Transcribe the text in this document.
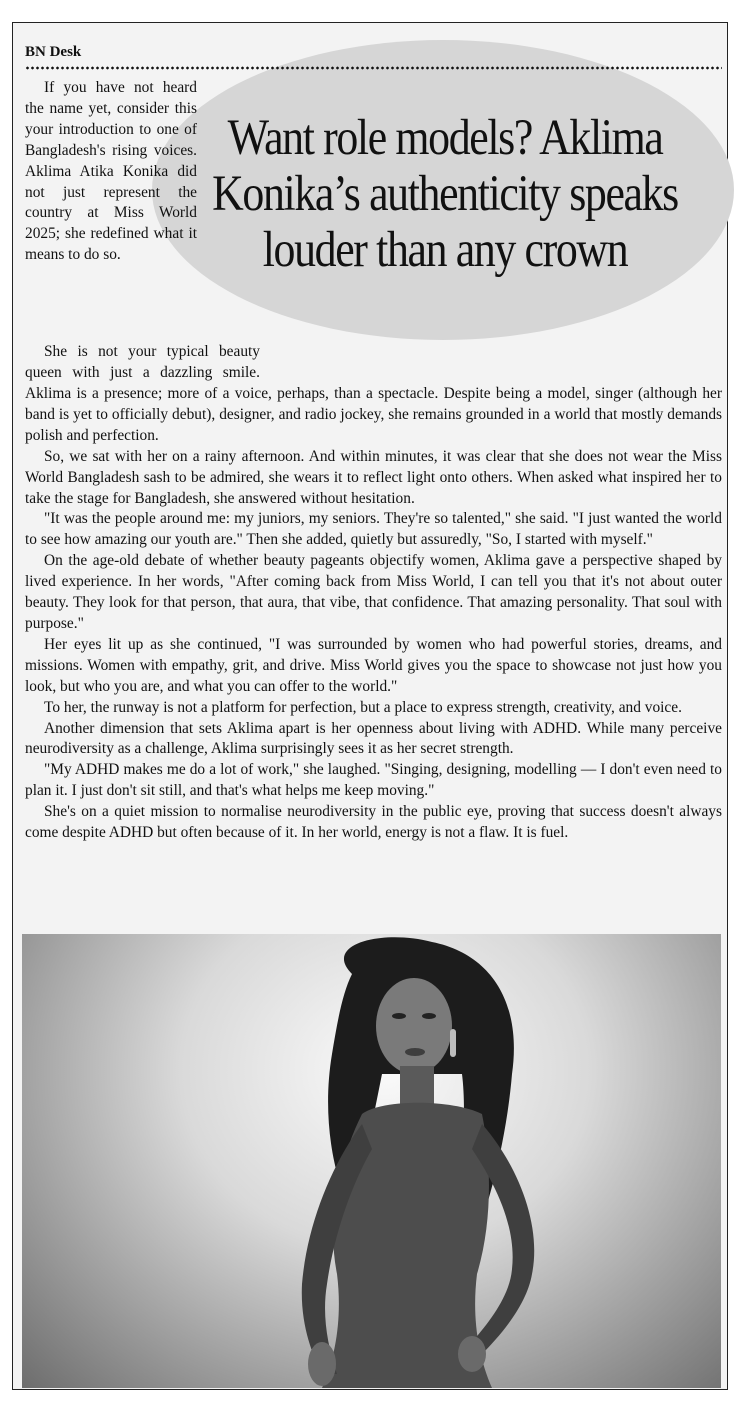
BN Desk
Want role models? Aklima
Konika’s authenticity speaks
louder than any crown

If you have not heard the name yet, consider this your introduction to one of Bangladesh's rising voices. Aklima Atika Konika did not just represent the country at Miss World 2025; she redefined what it means to do so.

She is not your typical beauty queen with just a dazzling smile.

Aklima is a presence; more of a voice, perhaps, than a spectacle. Despite being a model, singer (although her band is yet to officially debut), designer, and radio jockey, she remains grounded in a world that mostly demands polish and perfection.

So, we sat with her on a rainy afternoon. And within minutes, it was clear that she does not wear the Miss World Bangladesh sash to be admired, she wears it to reflect light onto others. When asked what inspired her to take the stage for Bangladesh, she answered without hesitation.

"It was the people around me: my juniors, my seniors. They're so talented," she said. "I just wanted the world to see how amazing our youth are." Then she added, quietly but assuredly, "So, I started with myself."

On the age-old debate of whether beauty pageants objectify women, Aklima gave a perspective shaped by lived experience. In her words, "After coming back from Miss World, I can tell you that it's not about outer beauty. They look for that person, that aura, that vibe, that confidence. That amazing personality. That soul with purpose."

Her eyes lit up as she continued, "I was surrounded by women who had powerful stories, dreams, and missions. Women with empathy, grit, and drive. Miss World gives you the space to showcase not just how you look, but who you are, and what you can offer to the world."

To her, the runway is not a platform for perfection, but a place to express strength, creativity, and voice.

Another dimension that sets Aklima apart is her openness about living with ADHD. While many perceive neurodiversity as a challenge, Aklima surprisingly sees it as her secret strength.

"My ADHD makes me do a lot of work," she laughed. "Singing, designing, modelling — I don't even need to plan it. I just don't sit still, and that's what helps me keep moving."

She's on a quiet mission to normalise neurodiversity in the public eye, proving that success doesn't always come despite ADHD but often because of it. In her world, energy is not a flaw. It is fuel.
